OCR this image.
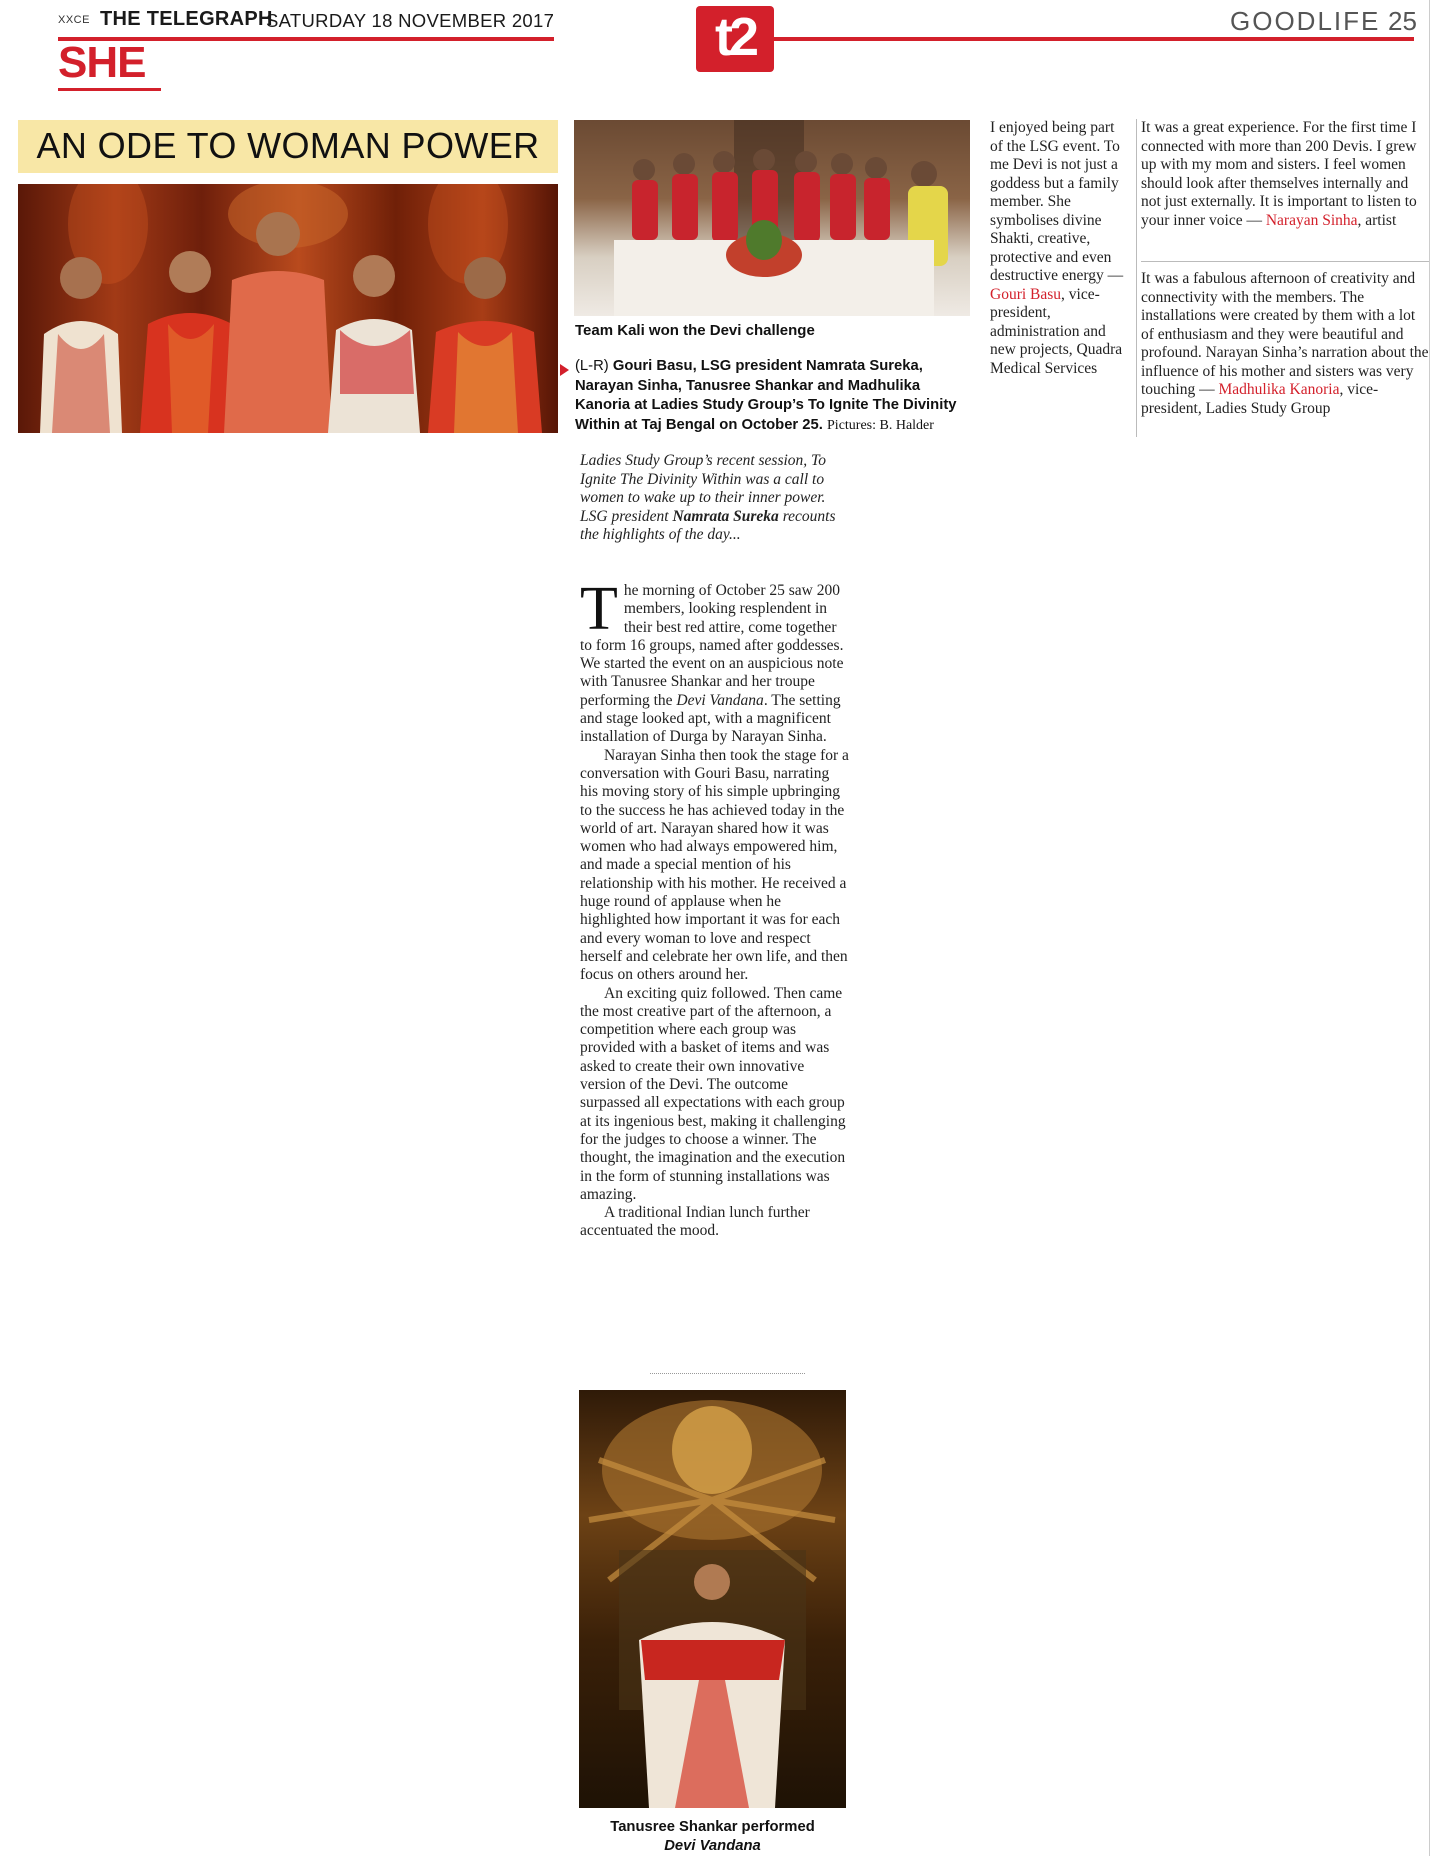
XXCE THE TELEGRAPH
SATURDAY 18 NOVEMBER 2017
SHE	t2	GOODLIFE 25
AN ODE TO WOMAN POWER
Team Kali won the Devi challenge
(L-R) Gouri Basu, LSG president Namrata Sureka, Narayan Sinha, Tanusree Shankar and Madhulika Kanoria at Ladies Study Group’s To Ignite The Divinity Within at Taj Bengal on October 25. Pictures: B. Halder
Ladies Study Group’s recent session, To Ignite The Divinity Within was a call to women to wake up to their inner power. LSG president Namrata Sureka recounts the highlights of the day...

The morning of October 25 saw 200 members, looking resplendent in their best red attire, come together to form 16 groups, named after goddesses. We started the event on an auspicious note with Tanusree Shankar and her troupe performing the Devi Vandana. The setting and stage looked apt, with a magnificent installation of Durga by Narayan Sinha.

Narayan Sinha then took the stage for a conversation with Gouri Basu, narrating his moving story of his simple upbringing to the success he has achieved today in the world of art. Narayan shared how it was women who had always empowered him, and made a special mention of his relationship with his mother. He received a huge round of applause when he highlighted how important it was for each and every woman to love and respect herself and celebrate her own life, and then focus on others around her.

An exciting quiz followed. Then came the most creative part of the afternoon, a competition where each group was provided with a basket of items and was asked to create their own innovative version of the Devi. The outcome surpassed all expectations with each group at its ingenious best, making it challenging for the judges to choose a winner. The thought, the imagination and the execution in the form of stunning installations was amazing.

A traditional Indian lunch further accentuated the mood.

Tanusree Shankar performed
Devi Vandana
I enjoyed being part of the LSG event. To me Devi is not just a goddess but a family member. She symbolises divine Shakti, creative, protective and even destructive energy — Gouri Basu, vice-president, administration and new projects, Quadra Medical Services
It was a great experience. For the first time I connected with more than 200 Devis. I grew up with my mom and sisters. I feel women should look after themselves internally and not just externally. It is important to listen to your inner voice — Narayan Sinha, artist
It was a fabulous afternoon of creativity and connectivity with the members. The installations were created by them with a lot of enthusiasm and they were beautiful and profound. Narayan Sinha’s narration about the influence of his mother and sisters was very touching — Madhulika Kanoria, vice-president, Ladies Study Group
